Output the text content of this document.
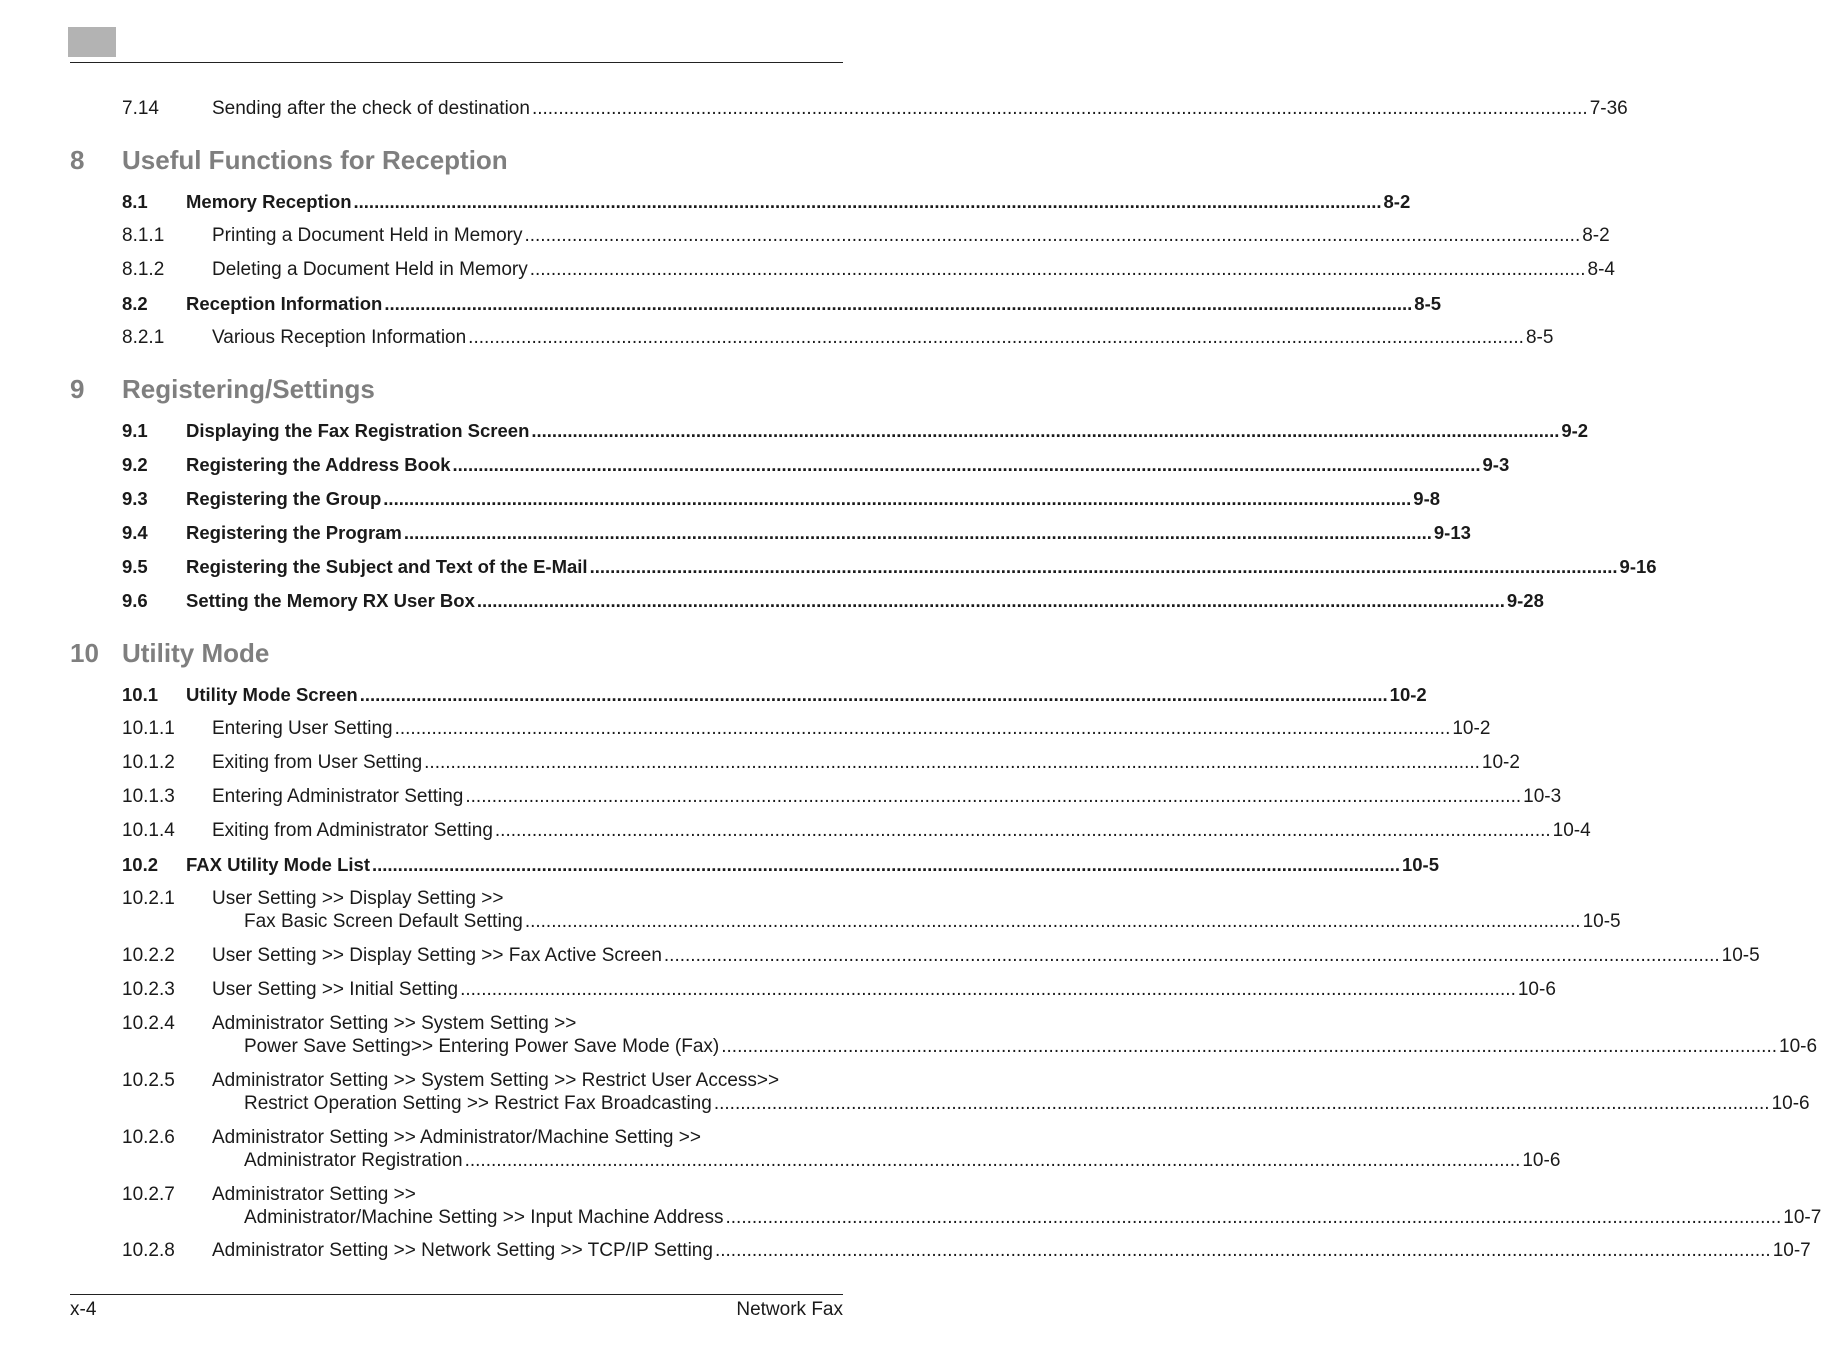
7.14	Sending after the check of destination .....	7-36
8 Useful Functions for Reception
8.1	Memory Reception .....	8-2
8.1.1	Printing a Document Held in Memory .....	8-2
8.1.2	Deleting a Document Held in Memory .....	8-4
8.2	Reception Information .....	8-5
8.2.1	Various Reception Information .....	8-5
9 Registering/Settings
9.1	Displaying the Fax Registration Screen .....	9-2
9.2	Registering the Address Book .....	9-3
9.3	Registering the Group .....	9-8
9.4	Registering the Program .....	9-13
9.5	Registering the Subject and Text of the E-Mail .....	9-16
9.6	Setting the Memory RX User Box .....	9-28
10 Utility Mode
10.1	Utility Mode Screen .....	10-2
10.1.1	Entering User Setting .....	10-2
10.1.2	Exiting from User Setting .....	10-2
10.1.3	Entering Administrator Setting .....	10-3
10.1.4	Exiting from Administrator Setting .....	10-4
10.2	FAX Utility Mode List .....	10-5
10.2.1	User Setting >> Display Setting >>
Fax Basic Screen Default Setting .....	10-5
10.2.2	User Setting >> Display Setting >> Fax Active Screen .....	10-5
10.2.3	User Setting >> Initial Setting .....	10-6
10.2.4	Administrator Setting >> System Setting >>
Power Save Setting>> Entering Power Save Mode (Fax) .....	10-6
10.2.5	Administrator Setting >> System Setting >> Restrict User Access>>
Restrict Operation Setting >> Restrict Fax Broadcasting .....	10-6
10.2.6	Administrator Setting >> Administrator/Machine Setting >>
Administrator Registration .....	10-6
10.2.7	Administrator Setting >>
Administrator/Machine Setting >> Input Machine Address .....	10-7
10.2.8	Administrator Setting >> Network Setting >> TCP/IP Setting .....	10-7
x-4	Network Fax
